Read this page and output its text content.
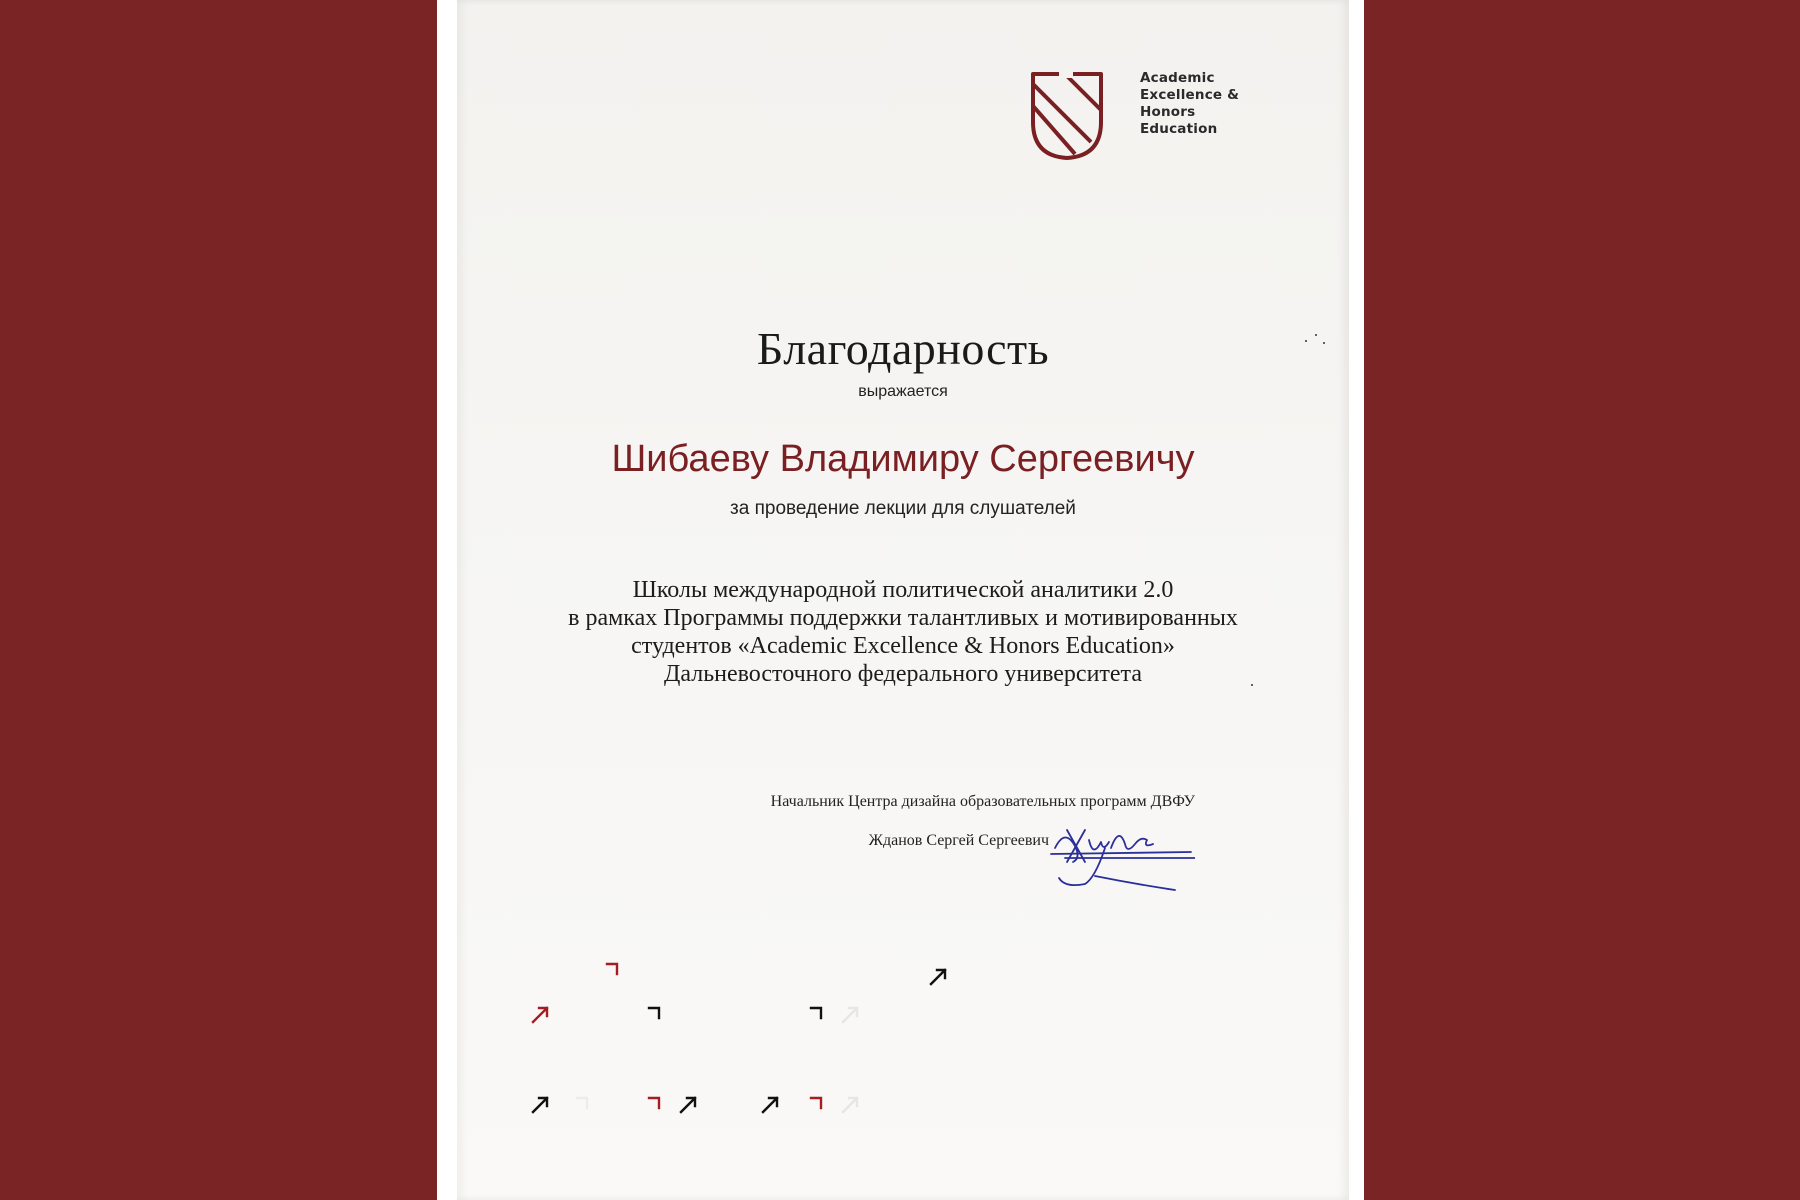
Academic
Excellence &
Honors
Education
Благодарность
выражается
Шибаеву Владимиру Сергеевичу
за проведение лекции для слушателей
Школы международной политической аналитики 2.0
в рамках Программы поддержки талантливых и мотивированных
студентов «Academic Excellence & Honors Education»
Дальневосточного федерального университета
Начальник Центра дизайна образовательных программ ДВФУ
Жданов Сергей Сергеевич
